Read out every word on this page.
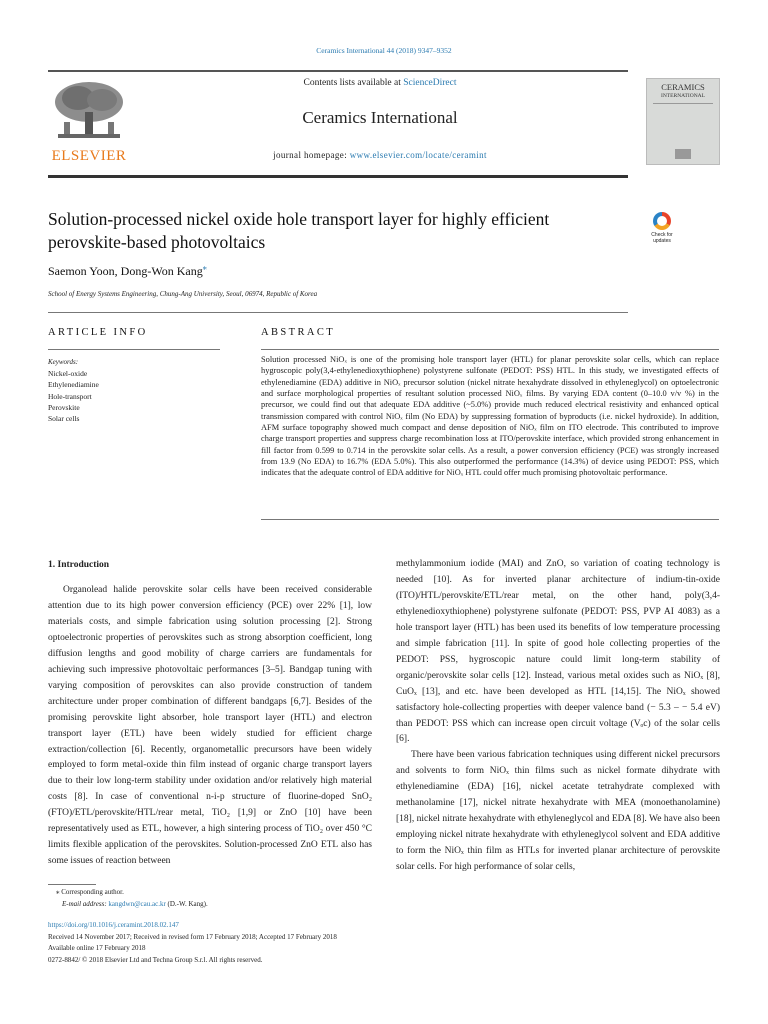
Ceramics International 44 (2018) 9347–9352
ELSEVIER
Contents lists available at ScienceDirect
Ceramics International
journal homepage: www.elsevier.com/locate/ceramint
CERAMICS
INTERNATIONAL
Solution-processed nickel oxide hole transport layer for highly efficient
perovskite-based photovoltaics	Check for updates
Saemon Yoon, Dong-Won Kang⁎
School of Energy Systems Engineering, Chung-Ang University, Seoul, 06974, Republic of Korea
ARTICLE INFO	ABSTRACT
Keywords:
Nickel-oxide
Ethylenediamine
Hole-transport
Perovskite
Solar cells
Solution processed NiOₓ is one of the promising hole transport layer (HTL) for planar perovskite solar cells, which can replace hygroscopic poly(3,4-ethylenedioxythiophene) polystyrene sulfonate (PEDOT: PSS) HTL. In this study, we investigated effects of ethylenediamine (EDA) additive in NiOₓ precursor solution (nickel nitrate hexahydrate dissolved in ethyleneglycol) on optoelectronic and surface morphological properties of resultant solution processed NiOₓ films. By varying EDA content (0–10.0 v/v %) in the precursor, we could find out that adequate EDA additive (~5.0%) provide much reduced electrical resistivity and enhanced optical transmission compared with control NiOₓ film (No EDA) by suppressing formation of byproducts (i.e. nickel hydroxide). In addition, AFM surface topography showed much compact and dense deposition of NiOₓ film on ITO electrode. This contributed to improve charge transport properties and suppress charge recombination loss at ITO/perovskite interface, which provided strong enhancement in fill factor from 0.599 to 0.714 in the perovskite solar cells. As a result, a power conversion efficiency (PCE) was strongly increased from 13.9 (No EDA) to 16.7% (EDA 5.0%). This also outperformed the performance (14.3%) of device using PEDOT: PSS, which indicates that the adequate control of EDA additive for NiOₓ HTL could offer much promising photovoltaic performance.
1. Introduction

Organolead halide perovskite solar cells have been received considerable attention due to its high power conversion efficiency (PCE) over 22% [1], low materials costs, and simple fabrication using solution processing [2]. Strong optoelectronic properties of perovskites such as strong absorption coefficient, long diffusion lengths and good mobility of charge carriers are fundamentals for achieving such impressive photovoltaic performances [3–5]. Bandgap tuning with varying composition of perovskites can also provide construction of tandem architecture under proper combination of different bandgaps [6,7]. Besides of the promising perovskite light absorber, hole transport layer (HTL) and electron transport layer (ETL) have been widely studied for efficient charge extraction/collection [6]. Recently, organometallic precursors have been widely employed to form metal-oxide thin film instead of organic charge transport layers due to their low long-term stability under oxidation and/or relatively high material costs [8]. In case of conventional n-i-p structure of fluorine-doped SnO₂ (FTO)/ETL/perovskite/HTL/rear metal, TiO₂ [1,9] or ZnO [10] have been representatively used as ETL, however, a high sintering process of TiO₂ over 450 °C limits flexible application of the perovskites. Solution-processed ZnO ETL also has some issues of reaction between

methylammonium iodide (MAI) and ZnO, so variation of coating technology is needed [10]. As for inverted planar architecture of indium-tin-oxide (ITO)/HTL/perovskite/ETL/rear metal, on the other hand, poly(3,4-ethylenedioxythiophene) polystyrene sulfonate (PEDOT: PSS, PVP AI 4083) as a hole transport layer (HTL) has been used its benefits of low temperature processing and simple fabrication [11]. In spite of good hole collecting properties of the PEDOT: PSS, hygroscopic nature could limit long-term stability of organic/perovskite solar cells [12]. Instead, various metal oxides such as NiOₓ [8], CuOₓ [13], and etc. have been developed as HTL [14,15]. The NiOₓ showed satisfactory hole-collecting properties with deeper valence band (− 5.3 – − 5.4 eV) than PEDOT: PSS which can increase open circuit voltage (Vₒc) of the solar cells [6].

There have been various fabrication techniques using different nickel precursors and solvents to form NiOₓ thin films such as nickel formate dihydrate with ethylenediamine (EDA) [16], nickel acetate tetrahydrate complexed with methanolamine [17], nickel nitrate hexahydrate with MEA (monoethanolamine) [18], nickel nitrate hexahydrate with ethyleneglycol and EDA [8]. We have also been employing nickel nitrate hexahydrate with ethyleneglycol solvent and EDA additive to form the NiOₓ thin film as HTLs for inverted planar architecture of perovskite solar cells. For high performance of solar cells,

⁎ Corresponding author.
E-mail address: kangdwn@cau.ac.kr (D.-W. Kang).
https://doi.org/10.1016/j.ceramint.2018.02.147
Received 14 November 2017; Received in revised form 17 February 2018; Accepted 17 February 2018
Available online 17 February 2018
0272-8842/ © 2018 Elsevier Ltd and Techna Group S.r.l. All rights reserved.
